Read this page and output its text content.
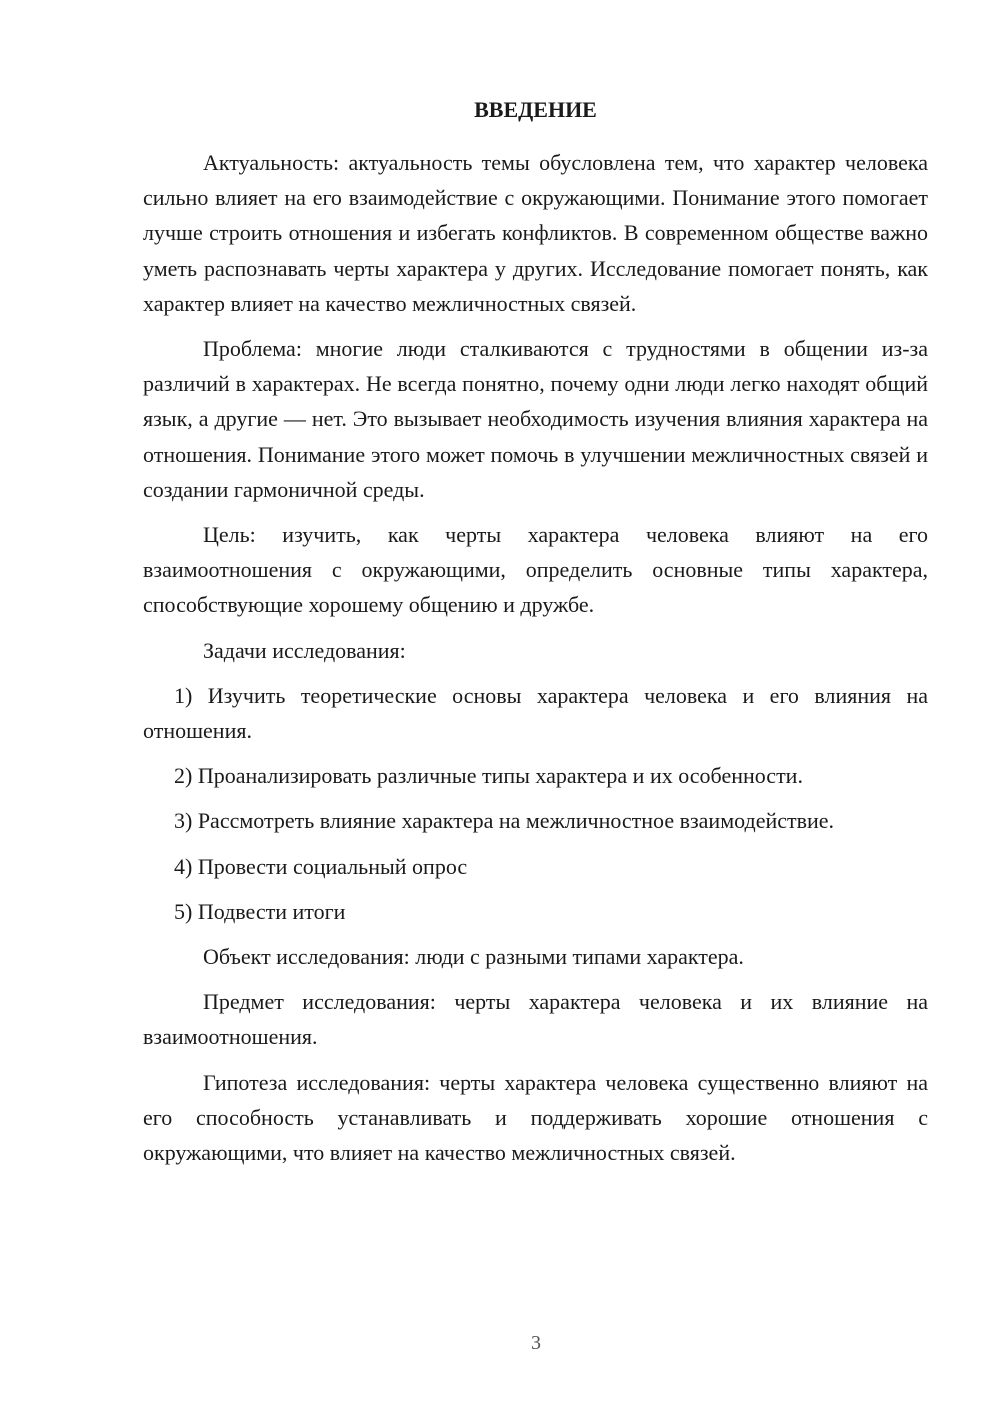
ВВЕДЕНИЕ

Актуальность: актуальность темы обусловлена тем, что характер человека сильно влияет на его взаимодействие с окружающими. Понимание этого помогает лучше строить отношения и избегать конфликтов. В современном обществе важно уметь распознавать черты характера у других. Исследование помогает понять, как характер влияет на качество межличностных связей.

Проблема: многие люди сталкиваются с трудностями в общении из-за различий в характерах. Не всегда понятно, почему одни люди легко находят общий язык, а другие — нет. Это вызывает необходимость изучения влияния характера на отношения. Понимание этого может помочь в улучшении межличностных связей и создании гармоничной среды.

Цель: изучить, как черты характера человека влияют на его взаимоотношения с окружающими, определить основные типы характера, способствующие хорошему общению и дружбе.

Задачи исследования:

1) Изучить теоретические основы характера человека и его влияния на отношения.

2) Проанализировать различные типы характера и их особенности.

3) Рассмотреть влияние характера на межличностное взаимодействие.

4) Провести социальный опрос

5) Подвести итоги

Объект исследования: люди с разными типами характера.

Предмет исследования: черты характера человека и их влияние на взаимоотношения.

Гипотеза исследования: черты характера человека существенно влияют на его способность устанавливать и поддерживать хорошие отношения с окружающими, что влияет на качество межличностных связей.

3
